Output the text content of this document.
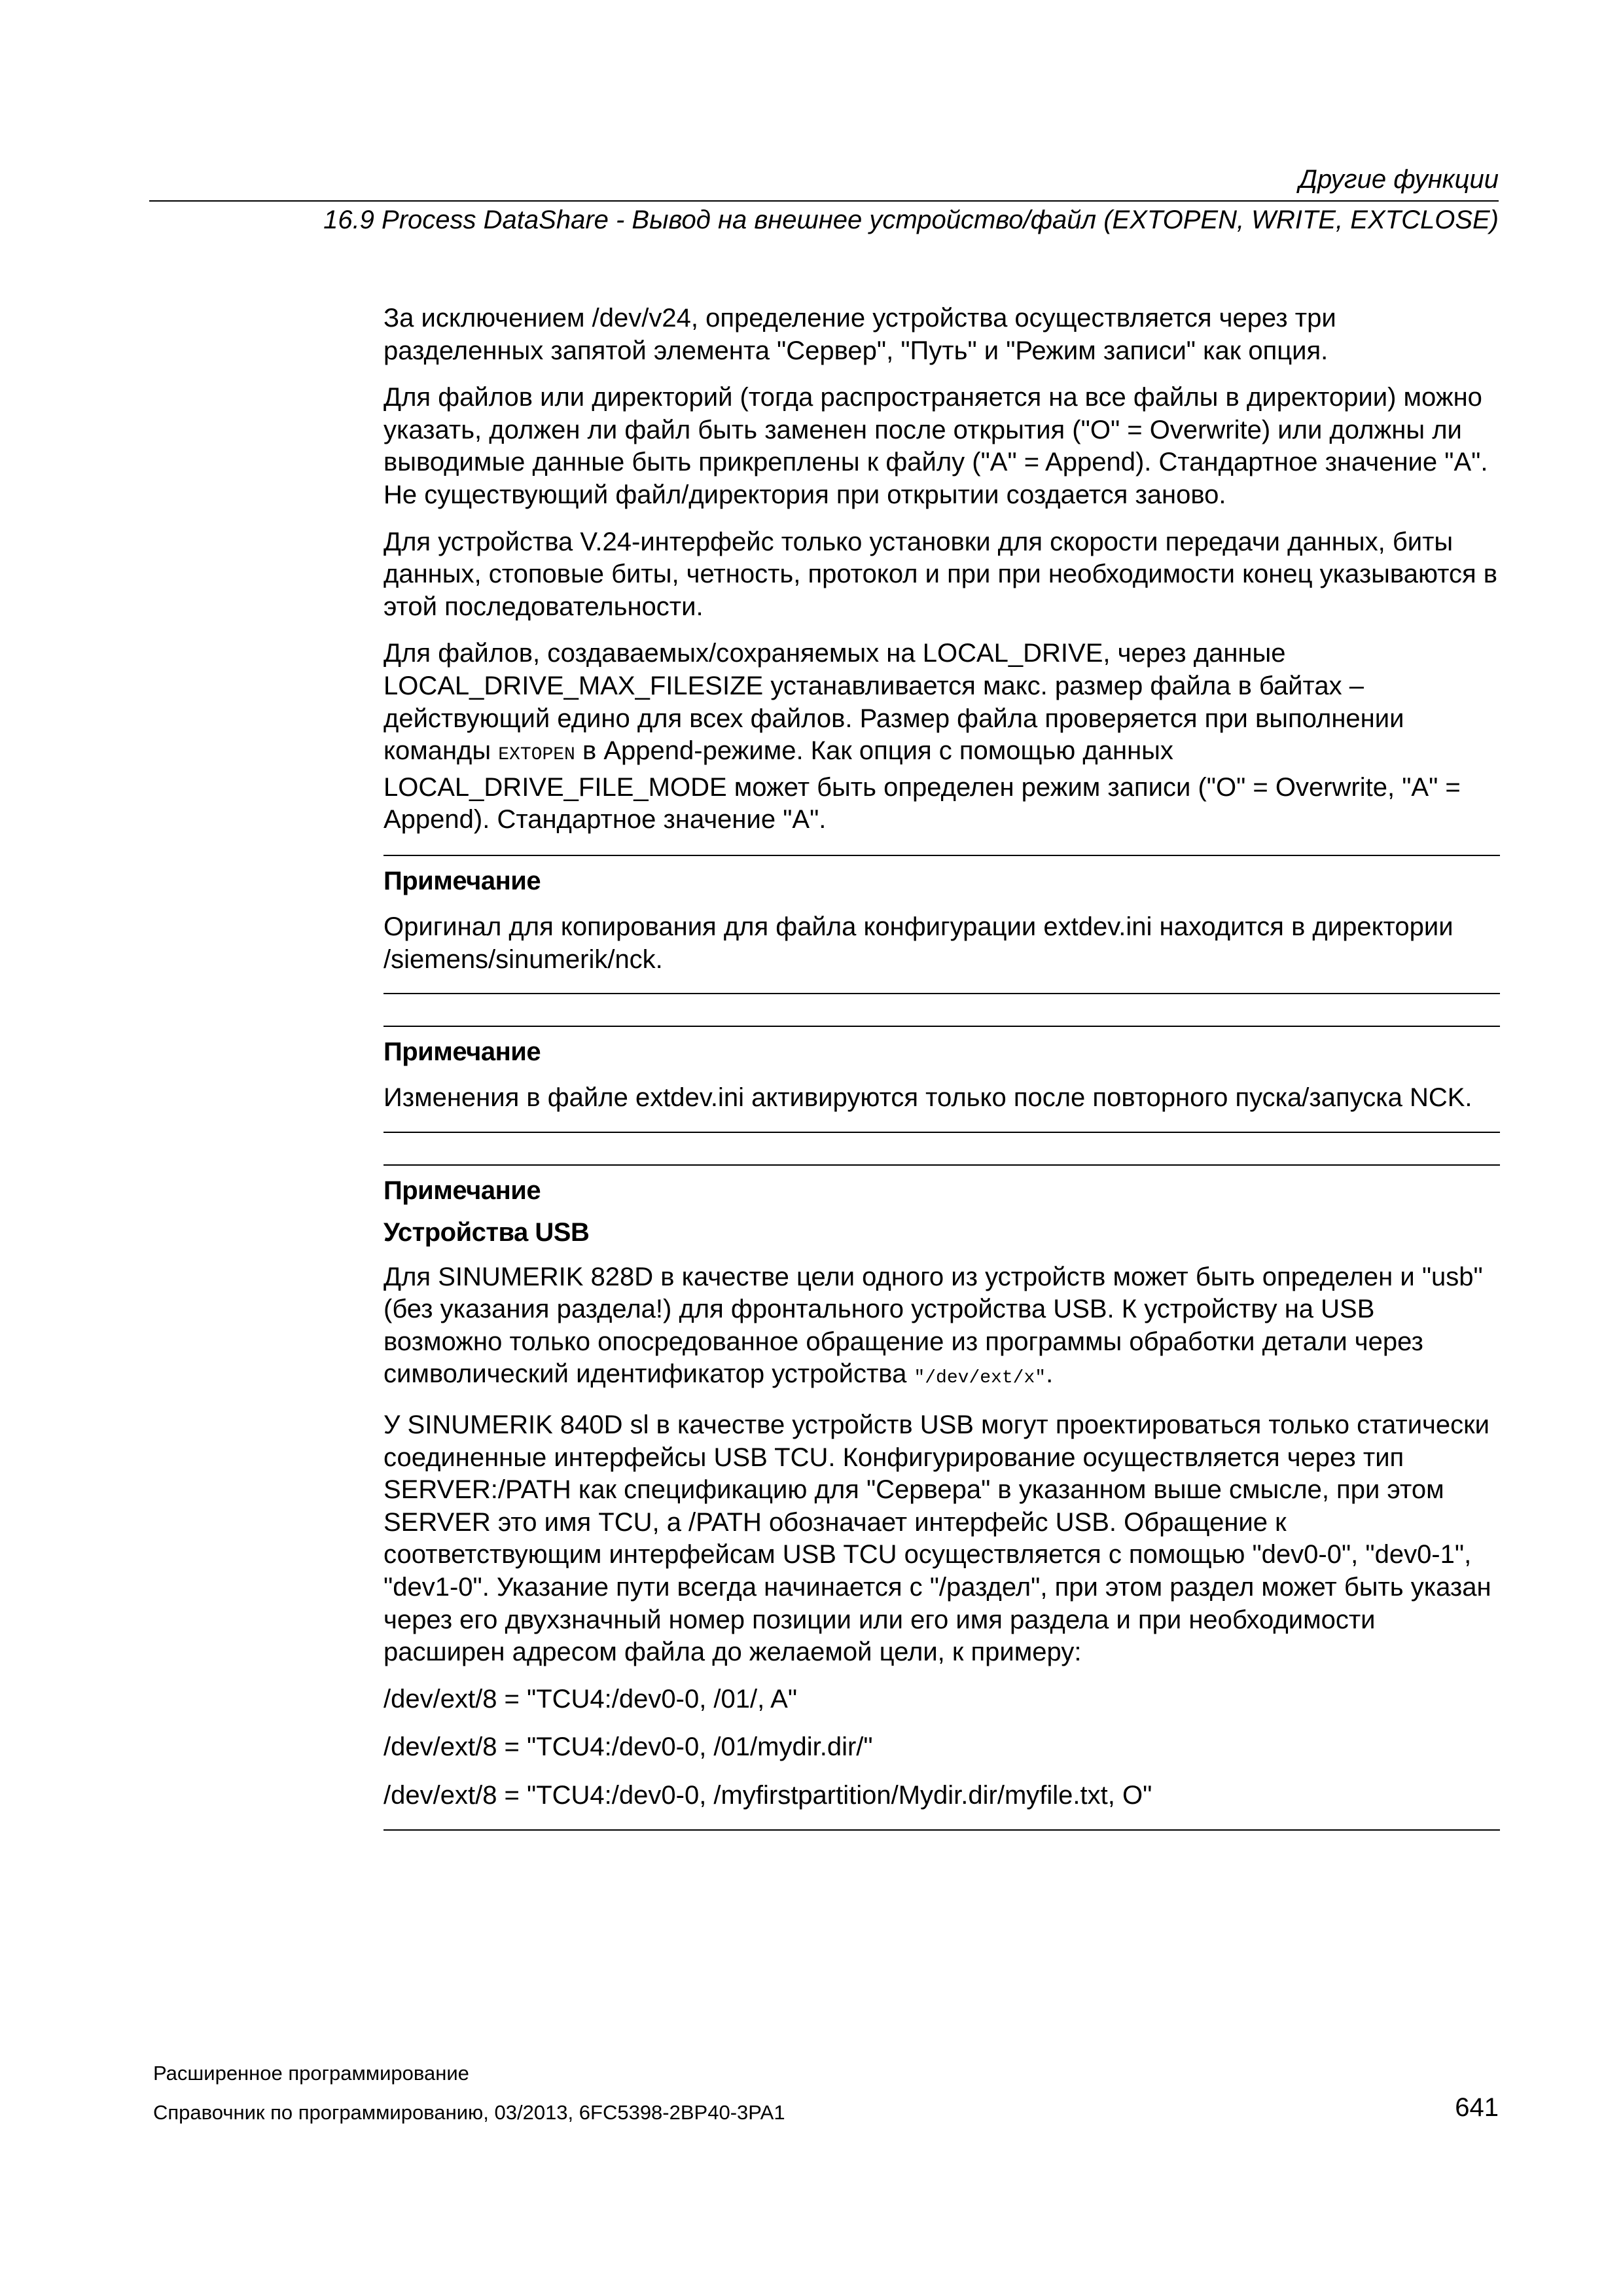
Другие функции
16.9 Process DataShare - Вывод на внешнее устройство/файл (EXTOPEN, WRITE, EXTCLOSE)

За исключением /dev/v24, определение устройства осуществляется через три разделенных запятой элемента "Сервер", "Путь" и "Режим записи" как опция.

Для файлов или директорий (тогда распространяется на все файлы в директории) можно указать, должен ли файл быть заменен после открытия ("O" = Overwrite) или должны ли выводимые данные быть прикреплены к файлу ("A" = Append). Стандартное значение "A". Не существующий файл/директория при открытии создается заново.

Для устройства V.24-интерфейс только установки для скорости передачи данных, биты данных, стоповые биты, четность, протокол и при при необходимости конец указываются в этой последовательности.

Для файлов, создаваемых/сохраняемых на LOCAL_DRIVE, через данные LOCAL_DRIVE_MAX_FILESIZE устанавливается макс. размер файла в байтах – действующий едино для всех файлов. Размер файла проверяется при выполнении команды EXTOPEN в Append-режиме. Как опция с помощью данных LOCAL_DRIVE_FILE_MODE может быть определен режим записи ("O" = Overwrite, "A" = Append). Стандартное значение "A".

Примечание

Оригинал для копирования для файла конфигурации extdev.ini находится в директории /siemens/sinumerik/nck.

Примечание

Изменения в файле extdev.ini активируются только после повторного пуска/запуска NCK.

Примечание
Устройства USB

Для SINUMERIK 828D в качестве цели одного из устройств может быть определен и "usb" (без указания раздела!) для фронтального устройства USB. К устройству на USB возможно только опосредованное обращение из программы обработки детали через символический идентификатор устройства "/dev/ext/x".

У SINUMERIK 840D sl в качестве устройств USB могут проектироваться только статически соединенные интерфейсы USB TCU. Конфигурирование осуществляется через тип SERVER:/PATH как спецификацию для "Сервера" в указанном выше смысле, при этом SERVER это имя TCU, а /PATH обозначает интерфейс USB. Обращение к соответствующим интерфейсам USB TCU осуществляется с помощью "dev0-0", "dev0-1", "dev1-0". Указание пути всегда начинается с "/раздел", при этом раздел может быть указан через его двухзначный номер позиции или его имя раздела и при необходимости расширен адресом файла до желаемой цели, к примеру:

/dev/ext/8 = "TCU4:/dev0-0, /01/, A"

/dev/ext/8 = "TCU4:/dev0-0, /01/mydir.dir/"

/dev/ext/8 = "TCU4:/dev0-0, /myfirstpartition/Mydir.dir/myfile.txt, O"

Расширенное программирование
Справочник по программированию, 03/2013, 6FC5398-2BP40-3PA1	641
